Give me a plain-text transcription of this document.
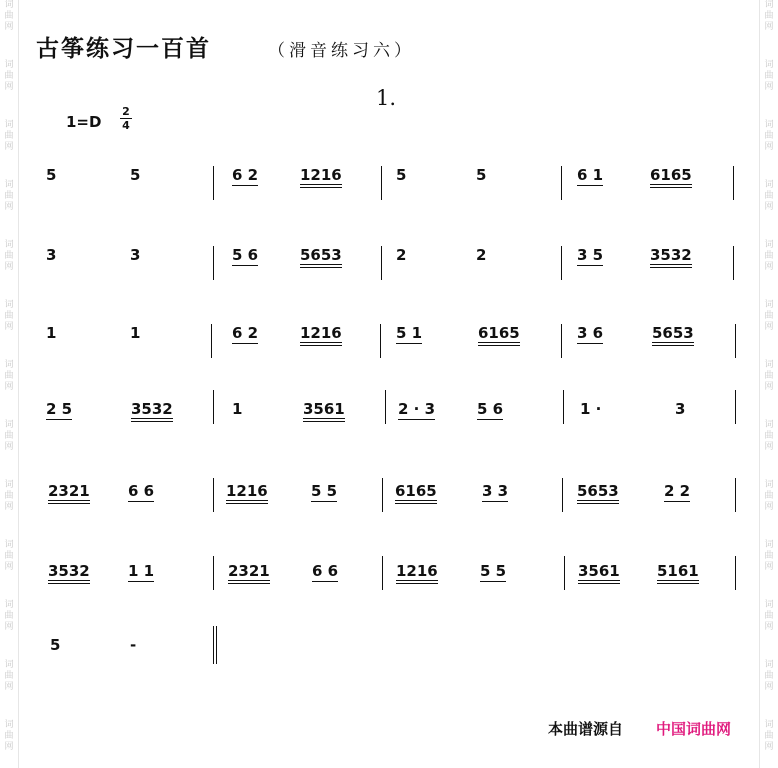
词
曲
网
词
曲
网
词
曲
网
词
曲
网
词
曲
网
词
曲
网
词
曲
网
词
曲
网
词
曲
网
词
曲
网
词
曲
网
词
曲
网
词
曲
网
词
曲
网
词
曲
网
词
曲
网
词
曲
网
词
曲
网
词
曲
网
词
曲
网
词
曲
网
词
曲
网
词
曲
网
词
曲
网
词
曲
网
词
曲
网
古筝练习一百首	（滑音练习六）
1.
1=D
2
4
5	5	6 2	1216	5	5	6 1	6165
3	3	5 6	5653	2	2	3 5	3532
1	1	6 2	1216	5 1	6165	3 6	5653
2 5	3532	1	3561	2 · 3	5 6	1 ·	3
2321	6 6	1216	5 5	6165	3 3	5653	2 2
3532	1 1	2321	6 6	1216	5 5	3561 5161
5	-
本曲谱源自 中国词曲网
